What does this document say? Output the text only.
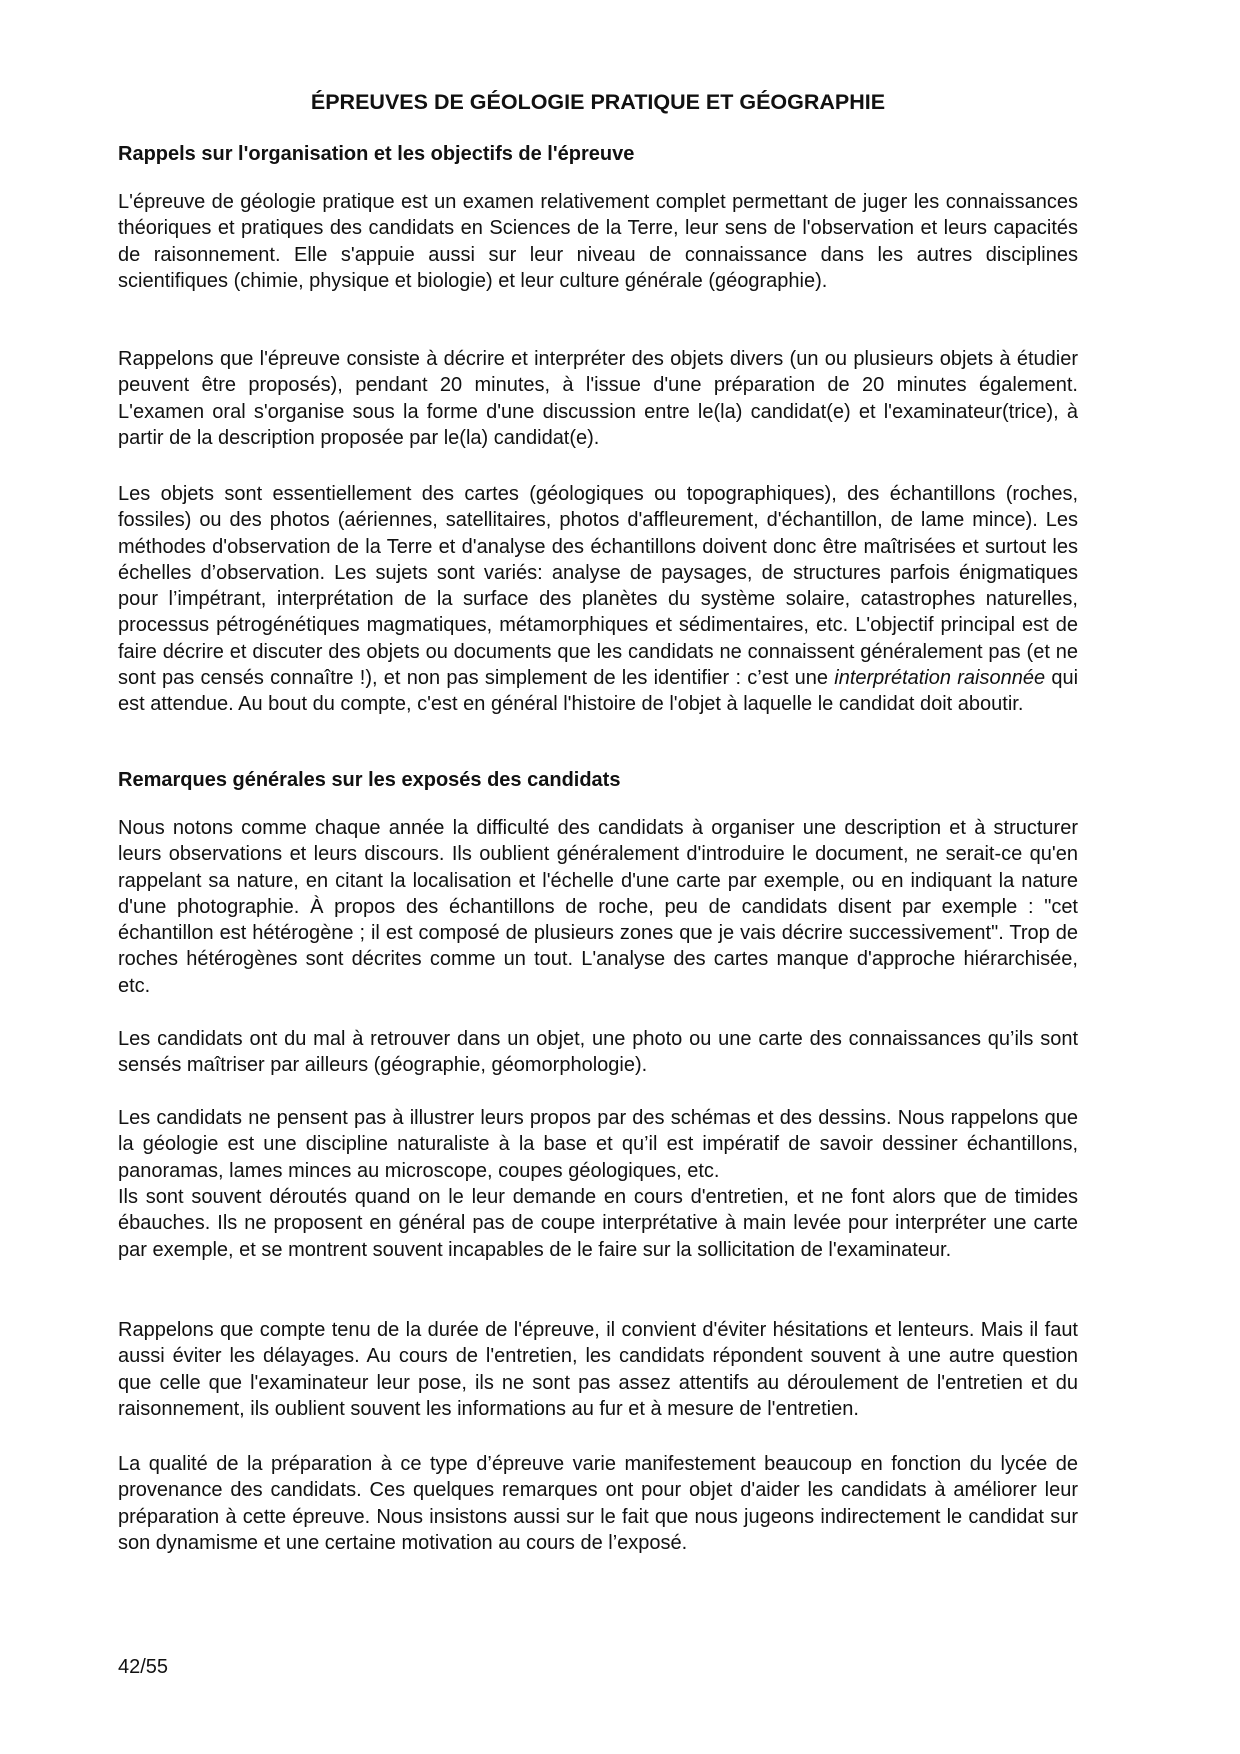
ÉPREUVES DE GÉOLOGIE PRATIQUE ET GÉOGRAPHIE
Rappels sur l'organisation et les objectifs de l'épreuve

L'épreuve de géologie pratique est un examen relativement complet permettant de juger les connaissances théoriques et pratiques des candidats en Sciences de la Terre, leur sens de l'observation et leurs capacités de raisonnement. Elle s'appuie aussi sur leur niveau de connaissance dans les autres disciplines scientifiques (chimie, physique et biologie) et leur culture générale (géographie).

Rappelons que l'épreuve consiste à décrire et interpréter des objets divers (un ou plusieurs objets à étudier peuvent être proposés), pendant 20 minutes, à l'issue d'une préparation de 20 minutes également. L'examen oral s'organise sous la forme d'une discussion entre le(la) candidat(e) et l'examinateur(trice), à partir de la description proposée par le(la) candidat(e).

Les objets sont essentiellement des cartes (géologiques ou topographiques), des échantillons (roches, fossiles) ou des photos (aériennes, satellitaires, photos d'affleurement, d'échantillon, de lame mince). Les méthodes d'observation de la Terre et d'analyse des échantillons doivent donc être maîtrisées et surtout les échelles d’observation. Les sujets sont variés: analyse de paysages, de structures parfois énigmatiques pour l’impétrant, interprétation de la surface des planètes du système solaire, catastrophes naturelles, processus pétrogénétiques magmatiques, métamorphiques et sédimentaires, etc. L'objectif principal est de faire décrire et discuter des objets ou documents que les candidats ne connaissent généralement pas (et ne sont pas censés connaître !), et non pas simplement de les identifier : c’est une interprétation raisonnée qui est attendue. Au bout du compte, c'est en général l'histoire de l'objet à laquelle le candidat doit aboutir.

Remarques générales sur les exposés des candidats

Nous notons comme chaque année la difficulté des candidats à organiser une description et à structurer leurs observations et leurs discours. Ils oublient généralement d'introduire le document, ne serait-ce qu'en rappelant sa nature, en citant la localisation et l'échelle d'une carte par exemple, ou en indiquant la nature d'une photographie. À propos des échantillons de roche, peu de candidats disent par exemple : "cet échantillon est hétérogène ; il est composé de plusieurs zones que je vais décrire successivement". Trop de roches hétérogènes sont décrites comme un tout. L'analyse des cartes manque d'approche hiérarchisée, etc.

Les candidats ont du mal à retrouver dans un objet, une photo ou une carte des connaissances qu’ils sont sensés maîtriser par ailleurs (géographie, géomorphologie).

Les candidats ne pensent pas à illustrer leurs propos par des schémas et des dessins. Nous rappelons que la géologie est une discipline naturaliste à la base et qu’il est impératif de savoir dessiner échantillons, panoramas, lames minces au microscope, coupes géologiques, etc.

Ils sont souvent déroutés quand on le leur demande en cours d'entretien, et ne font alors que de timides ébauches. Ils ne proposent en général pas de coupe interprétative à main levée pour interpréter une carte par exemple, et se montrent souvent incapables de le faire sur la sollicitation de l'examinateur.

Rappelons que compte tenu de la durée de l'épreuve, il convient d'éviter hésitations et lenteurs. Mais il faut aussi éviter les délayages. Au cours de l'entretien, les candidats répondent souvent à une autre question que celle que l'examinateur leur pose, ils ne sont pas assez attentifs au déroulement de l'entretien et du raisonnement, ils oublient souvent les informations au fur et à mesure de l'entretien.

La qualité de la préparation à ce type d’épreuve varie manifestement beaucoup en fonction du lycée de provenance des candidats. Ces quelques remarques ont pour objet d'aider les candidats à améliorer leur préparation à cette épreuve. Nous insistons aussi sur le fait que nous jugeons indirectement le candidat sur son dynamisme et une certaine motivation au cours de l’exposé.

42/55
